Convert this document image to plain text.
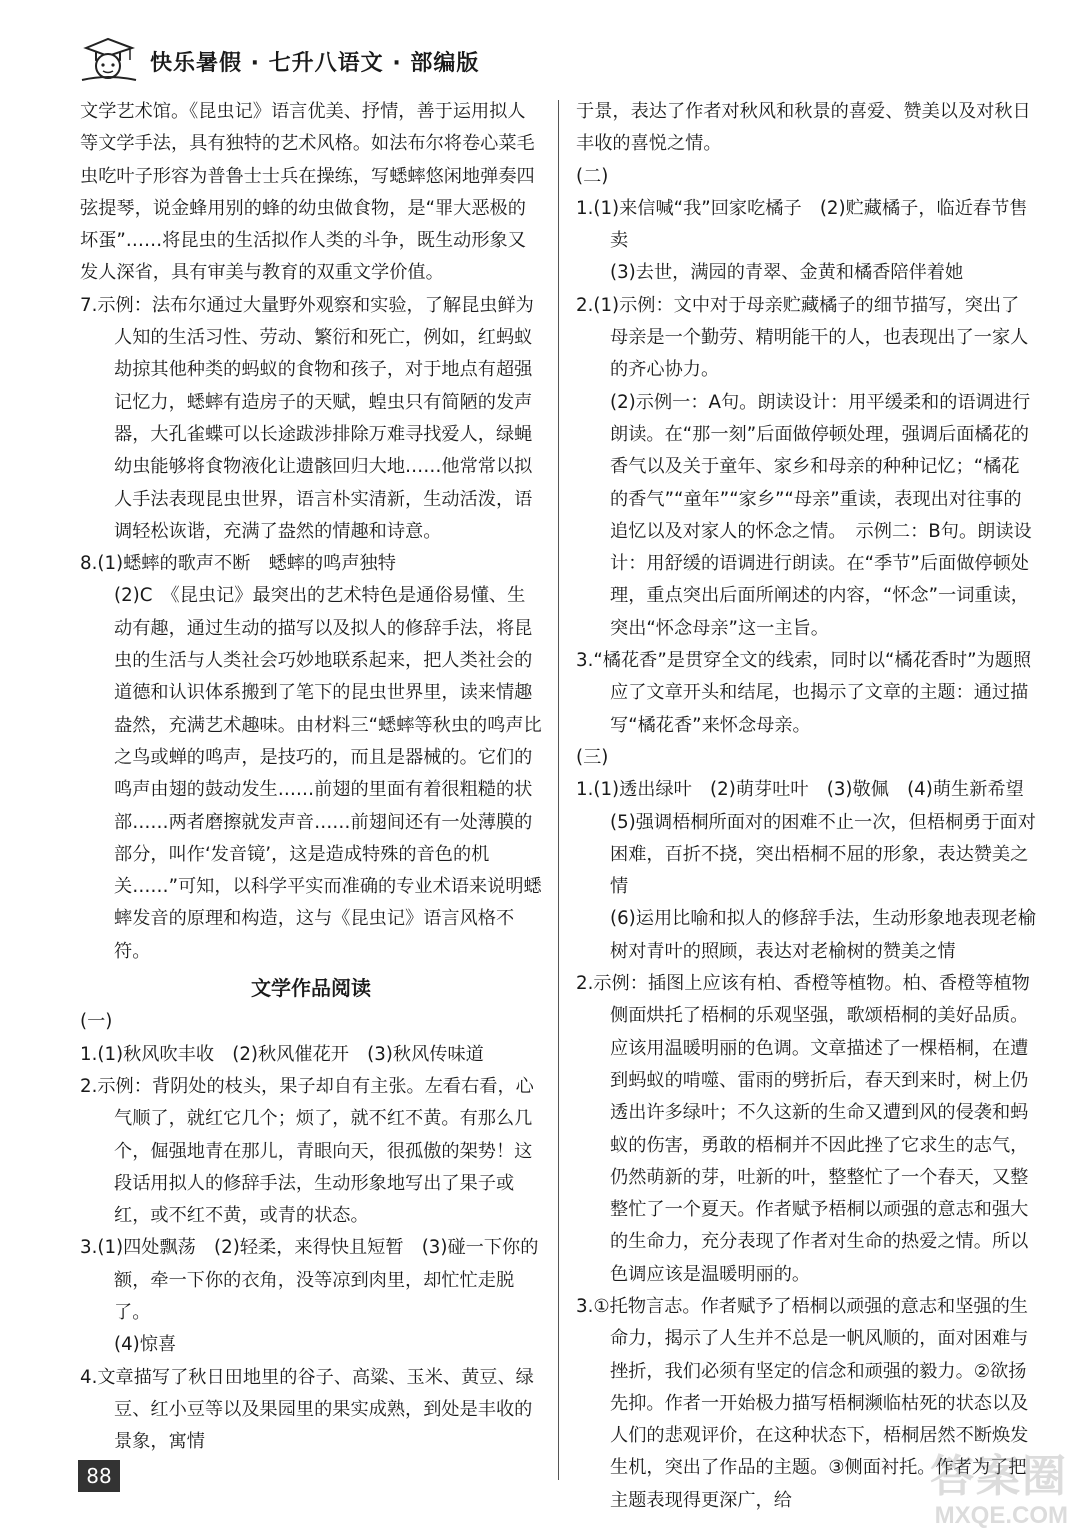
快乐暑假 · 七升八语文 · 部编版

文学艺术馆。《昆虫记》语言优美、抒情，善于运用拟人等文学手法，具有独特的艺术风格。如法布尔将卷心菜毛虫吃叶子形容为普鲁士士兵在操练，写蟋蟀悠闲地弹奏四弦提琴，说金蜂用别的蜂的幼虫做食物，是“罪大恶极的坏蛋”……将昆虫的生活拟作人类的斗争，既生动形象又发人深省，具有审美与教育的双重文学价值。

7.示例：法布尔通过大量野外观察和实验，了解昆虫鲜为人知的生活习性、劳动、繁衍和死亡，例如，红蚂蚁劫掠其他种类的蚂蚁的食物和孩子，对于地点有超强记忆力，蟋蟀有造房子的天赋，蝗虫只有简陋的发声器，大孔雀蝶可以长途跋涉排除万难寻找爱人，绿蝇幼虫能够将食物液化让遗骸回归大地……他常常以拟人手法表现昆虫世界，语言朴实清新，生动活泼，语调轻松诙谐，充满了盎然的情趣和诗意。

8.(1)蟋蟀的歌声不断　蟋蟀的鸣声独特

(2)C　《昆虫记》最突出的艺术特色是通俗易懂、生动有趣，通过生动的描写以及拟人的修辞手法，将昆虫的生活与人类社会巧妙地联系起来，把人类社会的道德和认识体系搬到了笔下的昆虫世界里，读来情趣盎然，充满艺术趣味。由材料三“蟋蟀等秋虫的鸣声比之鸟或蝉的鸣声，是技巧的，而且是器械的。它们的鸣声由翅的鼓动发生……前翅的里面有着很粗糙的状部……两者磨擦就发声音……前翅间还有一处薄膜的部分，叫作‘发音镜’，这是造成特殊的音色的机关……”可知，以科学平实而准确的专业术语来说明蟋蟀发音的原理和构造，这与《昆虫记》语言风格不符。

文学作品阅读

(一)

1.(1)秋风吹丰收　(2)秋风催花开　(3)秋风传味道

2.示例：背阴处的枝头，果子却自有主张。左看右看，心气顺了，就红它几个；烦了，就不红不黄。有那么几个，倔强地青在那儿，青眼向天，很孤傲的架势！这段话用拟人的修辞手法，生动形象地写出了果子或红，或不红不黄，或青的状态。

3.(1)四处飘荡　(2)轻柔，来得快且短暂　(3)碰一下你的额，牵一下你的衣角，没等凉到肉里，却忙忙走脱了。

(4)惊喜

4.文章描写了秋日田地里的谷子、高粱、玉米、黄豆、绿豆、红小豆等以及果园里的果实成熟，到处是丰收的景象，寓情

于景，表达了作者对秋风和秋景的喜爱、赞美以及对秋日丰收的喜悦之情。

(二)

1.(1)来信喊“我”回家吃橘子　(2)贮藏橘子，临近春节售卖

(3)去世，满园的青翠、金黄和橘香陪伴着她

2.(1)示例：文中对于母亲贮藏橘子的细节描写，突出了母亲是一个勤劳、精明能干的人，也表现出了一家人的齐心协力。

(2)示例一：A句。朗读设计：用平缓柔和的语调进行朗读。在“那一刻”后面做停顿处理，强调后面橘花的香气以及关于童年、家乡和母亲的种种记忆；“橘花的香气”“童年”“家乡”“母亲”重读，表现出对往事的追忆以及对家人的怀念之情。　示例二：B句。朗读设计：用舒缓的语调进行朗读。在“季节”后面做停顿处理，重点突出后面所阐述的内容，“怀念”一词重读，突出“怀念母亲”这一主旨。

3.“橘花香”是贯穿全文的线索，同时以“橘花香时”为题照应了文章开头和结尾，也揭示了文章的主题：通过描写“橘花香”来怀念母亲。

(三)

1.(1)透出绿叶　(2)萌芽吐叶　(3)敬佩　(4)萌生新希望

(5)强调梧桐所面对的困难不止一次，但梧桐勇于面对困难，百折不挠，突出梧桐不屈的形象，表达赞美之情

(6)运用比喻和拟人的修辞手法，生动形象地表现老榆树对青叶的照顾，表达对老榆树的赞美之情

2.示例：插图上应该有柏、香橙等植物。柏、香橙等植物侧面烘托了梧桐的乐观坚强，歌颂梧桐的美好品质。应该用温暖明丽的色调。文章描述了一棵梧桐，在遭到蚂蚁的啃噬、雷雨的劈折后，春天到来时，树上仍透出许多绿叶；不久这新的生命又遭到风的侵袭和蚂蚁的伤害，勇敢的梧桐并不因此挫了它求生的志气，仍然萌新的芽，吐新的叶，整整忙了一个春天，又整整忙了一个夏天。作者赋予梧桐以顽强的意志和强大的生命力，充分表现了作者对生命的热爱之情。所以色调应该是温暖明丽的。

3.①托物言志。作者赋予了梧桐以顽强的意志和坚强的生命力，揭示了人生并不总是一帆风顺的，面对困难与挫折，我们必须有坚定的信念和顽强的毅力。②欲扬先抑。作者一开始极力描写梧桐濒临枯死的状态以及人们的悲观评价，在这种状态下，梧桐居然不断焕发生机，突出了作品的主题。③侧面衬托。作者为了把主题表现得更深广，给

88	答案圈
MXQE.COM
